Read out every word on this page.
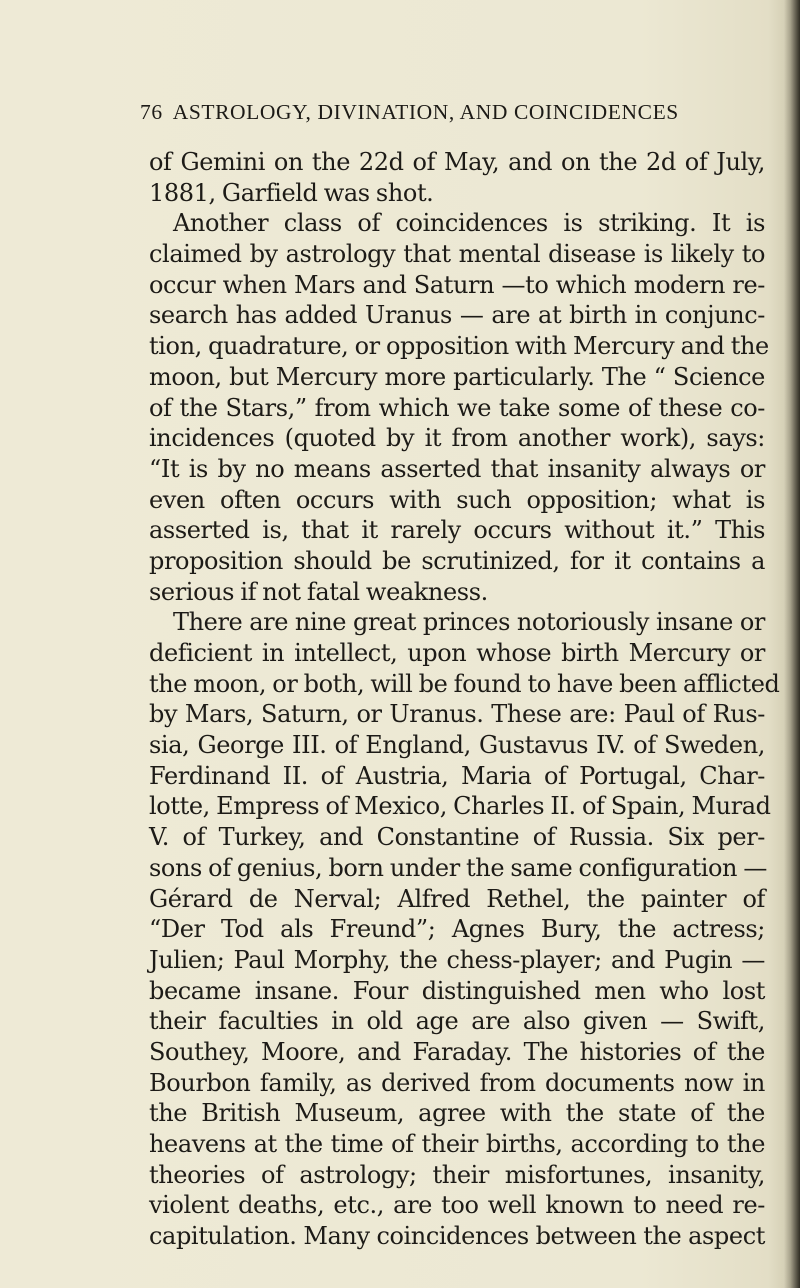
76 ASTROLOGY, DIVINATION, AND COINCIDENCES
of Gemini on the 22d of May, and on the 2d of July,
1881, Garfield was shot.
Another class of coincidences is striking. It is
claimed by astrology that mental disease is likely to
occur when Mars and Saturn —to which modern re-
search has added Uranus — are at birth in conjunc-
tion, quadrature, or opposition with Mercury and the
moon, but Mercury more particularly. The “ Science
of the Stars,” from which we take some of these co-
incidences (quoted by it from another work), says:
“It is by no means asserted that insanity always or
even often occurs with such opposition; what is
asserted is, that it rarely occurs without it.” This
proposition should be scrutinized, for it contains a
serious if not fatal weakness.
There are nine great princes notoriously insane or
deficient in intellect, upon whose birth Mercury or
the moon, or both, will be found to have been afflicted
by Mars, Saturn, or Uranus. These are: Paul of Rus-
sia, George III. of England, Gustavus IV. of Sweden,
Ferdinand II. of Austria, Maria of Portugal, Char-
lotte, Empress of Mexico, Charles II. of Spain, Murad
V. of Turkey, and Constantine of Russia. Six per-
sons of genius, born under the same configuration —
Gérard de Nerval; Alfred Rethel, the painter of
“Der Tod als Freund”; Agnes Bury, the actress;
Julien; Paul Morphy, the chess-player; and Pugin —
became insane. Four distinguished men who lost
their faculties in old age are also given — Swift,
Southey, Moore, and Faraday. The histories of the
Bourbon family, as derived from documents now in
the British Museum, agree with the state of the
heavens at the time of their births, according to the
theories of astrology; their misfortunes, insanity,
violent deaths, etc., are too well known to need re-
capitulation. Many coincidences between the aspect
